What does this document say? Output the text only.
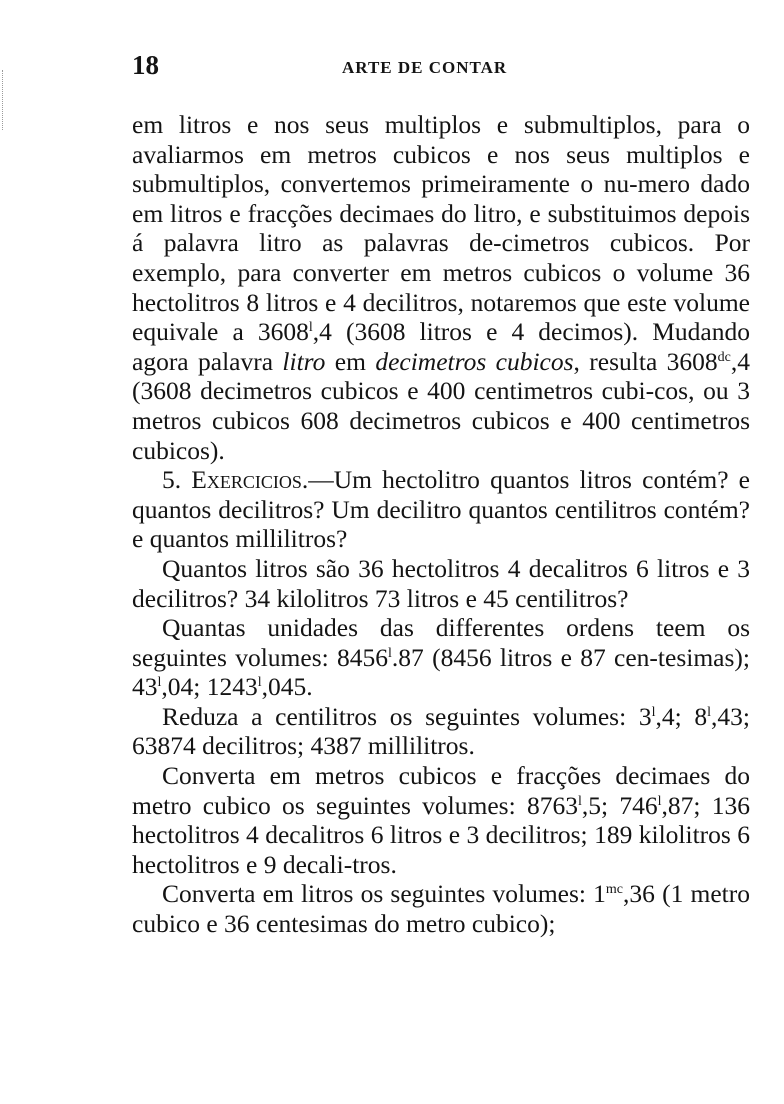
18	ARTE DE CONTAR

em litros e nos seus multiplos e submultiplos, para o avaliarmos em metros cubicos e nos seus multiplos e submultiplos, convertemos primeiramente o nu-mero dado em litros e fracções decimaes do litro, e substituimos depois á palavra litro as palavras de-cimetros cubicos. Por exemplo, para converter em metros cubicos o volume 36 hectolitros 8 litros e 4 decilitros, notaremos que este volume equivale a 3608$^l$,4 (3608 litros e 4 decimos). Mudando agora palavra litro em decimetros cubicos, resulta $3608^{dc},4$ (3608 decimetros cubicos e 400 centimetros cubi-cos, ou 3 metros cubicos 608 decimetros cubicos e 400 centimetros cubicos).

5. Exercicios.—Um hectolitro quantos litros contém? e quantos decilitros? Um decilitro quantos centilitros contém? e quantos millilitros?

Quantos litros são 36 hectolitros 4 decalitros 6 litros e 3 decilitros? 34 kilolitros 73 litros e 45 centilitros?

Quantas unidades das differentes ordens teem os seguintes volumes: 8456$^l$.87 (8456 litros e 87 cen-tesimas); 43$^l$,04; 1243$^l$,045.

Reduza a centilitros os seguintes volumes: 3$^l$,4; 8$^l$,43; 63874 decilitros; 4387 millilitros.

Converta em metros cubicos e fracções decimaes do metro cubico os seguintes volumes: 8763$^l$,5; 746$^l$,87; 136 hectolitros 4 decalitros 6 litros e 3 decilitros; 189 kilolitros 6 hectolitros e 9 decali-tros.

Converta em litros os seguintes volumes: $1^{mc},36$ (1 metro cubico e 36 centesimas do metro cubico);
